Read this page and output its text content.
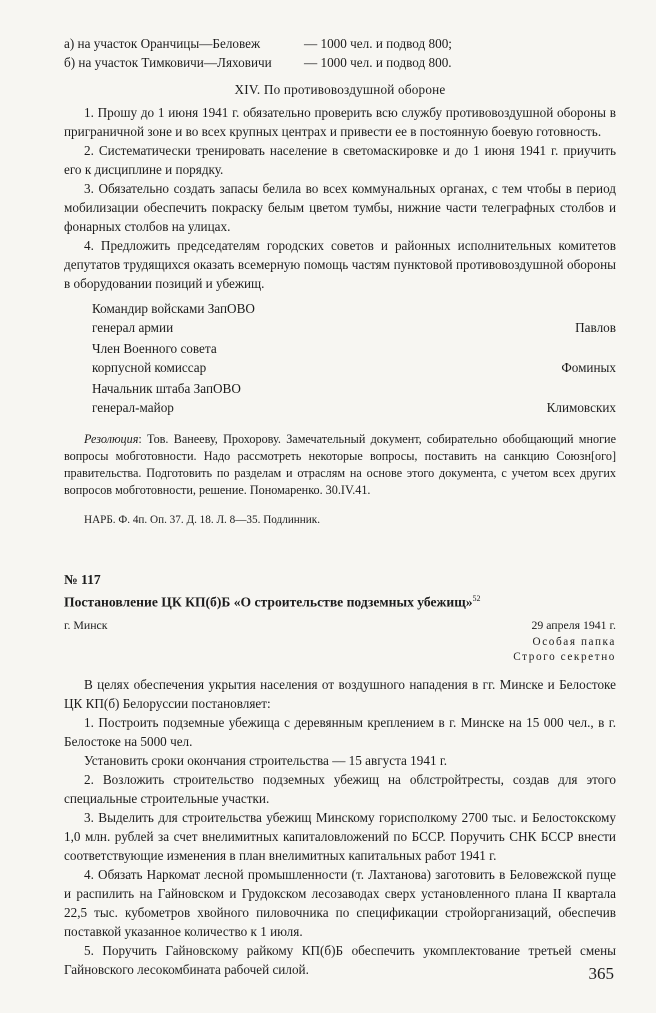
а) на участок Оранчицы—Беловеж	— 1000 чел. и подвод 800;
б) на участок Тимковичи—Ляховичи — 1000 чел. и подвод 800.
XIV. По противовоздушной обороне

1. Прошу до 1 июня 1941 г. обязательно проверить всю службу противовоздушной обороны в приграничной зоне и во всех крупных центрах и привести ее в постоянную боевую готовность.

2. Систематически тренировать население в светомаскировке и до 1 июня 1941 г. приучить его к дисциплине и порядку.

3. Обязательно создать запасы белила во всех коммунальных органах, с тем чтобы в период мобилизации обеспечить покраску белым цветом тумбы, нижние части телеграфных столбов и фонарных столбов на улицах.

4. Предложить председателям городских советов и районных исполнительных комитетов депутатов трудящихся оказать всемерную помощь частям пунктовой противовоздушной обороны в оборудовании позиций и убежищ.

Командир войсками ЗапОВО
генерал армии	Павлов
Член Военного совета
корпусной комиссар	Фоминых
Начальник штаба ЗапОВО
генерал-майор	Климовских

Резолюция: Тов. Ванееву, Прохорову. Замечательный документ, собирательно обобщающий многие вопросы мобготовности. Надо рассмотреть некоторые вопросы, поставить на санкцию Союзн[ого] правительства. Подготовить по разделам и отраслям на основе этого документа, с учетом всех других вопросов мобготовности, решение. Пономаренко. 30.IV.41.

НАРБ. Ф. 4п. Оп. 37. Д. 18. Л. 8—35. Подлинник.
№ 117
Постановление ЦК КП(б)Б «О строительстве подземных убежищ»$^{52}$
г. Минск	29 апреля 1941 г.
Особая папка
Строго секретно

В целях обеспечения укрытия населения от воздушного нападения в гг. Минске и Белостоке ЦК КП(б) Белоруссии постановляет:

1. Построить подземные убежища с деревянным креплением в г. Минске на 15 000 чел., в г. Белостоке на 5000 чел.

Установить сроки окончания строительства — 15 августа 1941 г.

2. Возложить строительство подземных убежищ на облстройтресты, создав для этого специальные строительные участки.

3. Выделить для строительства убежищ Минскому горисполкому 2700 тыс. и Белостокскому 1,0 млн. рублей за счет внелимитных капиталовложений по БССР. Поручить СНК БССР внести соответствующие изменения в план внелимитных капитальных работ 1941 г.

4. Обязать Наркомат лесной промышленности (т. Лахтанова) заготовить в Беловежской пуще и распилить на Гайновском и Грудокском лесозаводах сверх установленного плана II квартала 22,5 тыс. кубометров хвойного пиловочника по спецификации стройорганизаций, обеспечив поставкой указанное количество к 1 июля.

5. Поручить Гайновскому райкому КП(б)Б обеспечить укомплектование третьей смены Гайновского лесокомбината рабочей силой.	365
